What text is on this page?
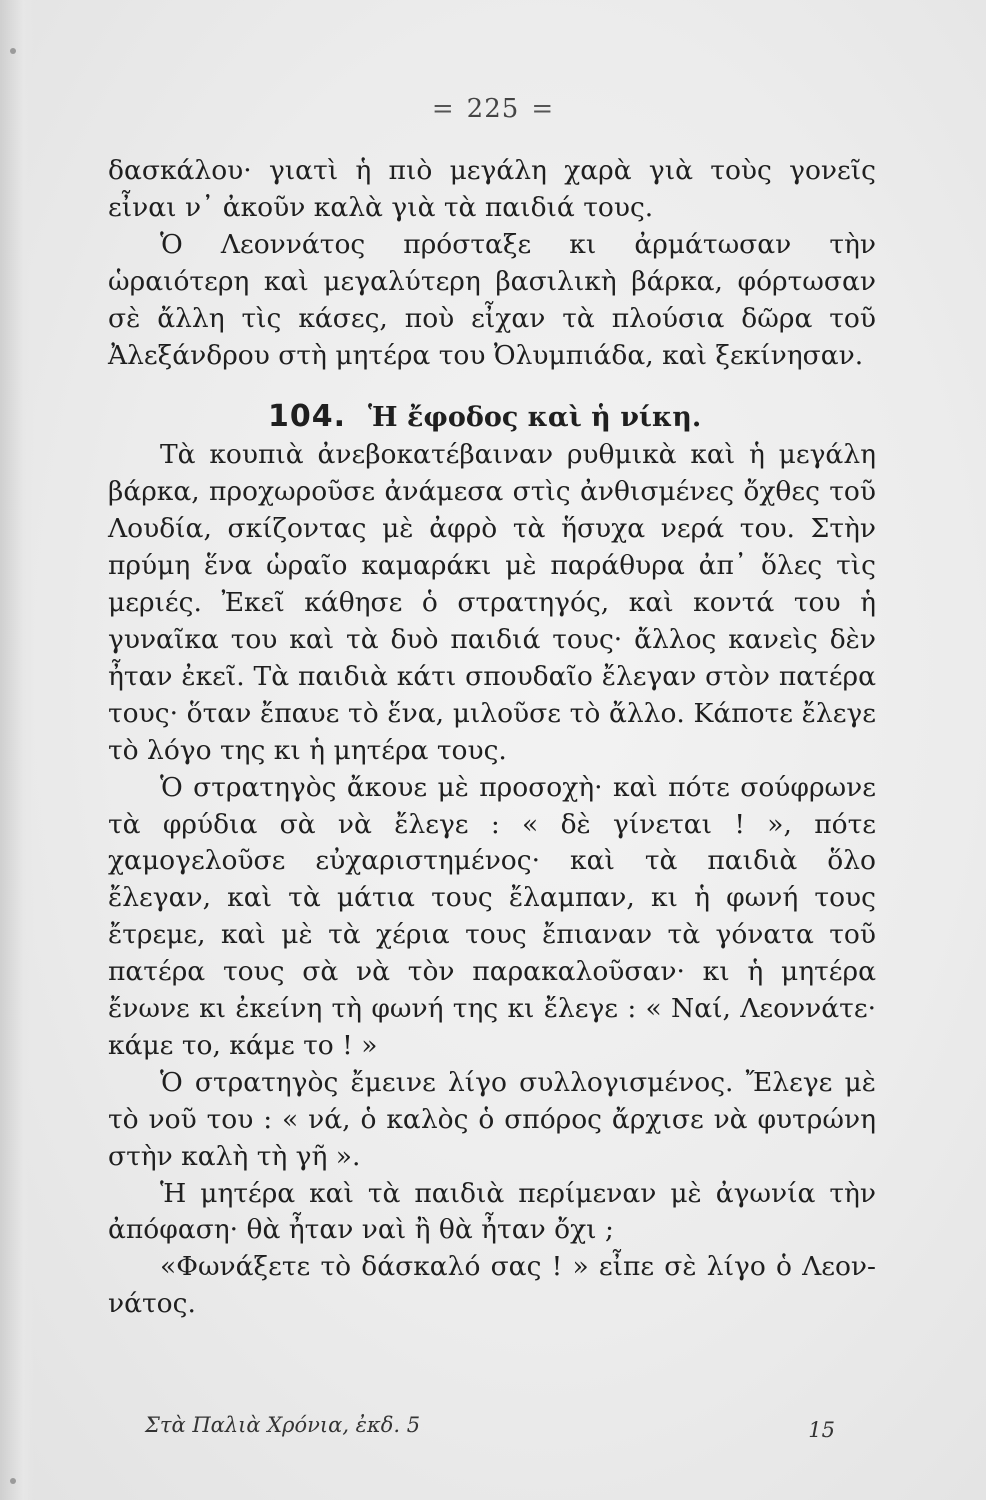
= 225 =

δασκάλου· γιατὶ ἡ πιὸ μεγάλη χαρὰ γιὰ τοὺς γονεῖς εἶναι ν᾿ ἀκοῦν καλὰ γιὰ τὰ παιδιά τους.

Ὁ Λεοννάτος πρόσταξε κι ἀρμάτωσαν τὴν ὡραιότερη καὶ μεγαλύτερη βασιλικὴ βάρκα, φόρτωσαν σὲ ἄλλη τὶς κάσες, ποὺ εἶχαν τὰ πλούσια δῶρα τοῦ Ἀλεξάνδρου στὴ μητέρα του Ὀλυμπιάδα, καὶ ξεκίνησαν.

104. Ἡ ἔφοδος καὶ ἡ νίκη.

Τὰ κουπιὰ ἀνεβοκατέβαιναν ρυθμικὰ καὶ ἡ μεγάλη βάρκα, προχωροῦσε ἀνάμεσα στὶς ἀνθισμένες ὄχθες τοῦ Λουδία, σκίζοντας μὲ ἀφρὸ τὰ ἥσυχα νερά του. Στὴν πρύμη ἕνα ὡραῖο καμαράκι μὲ παράθυρα ἀπ᾿ ὅλες τὶς μεριές. Ἐκεῖ κάθησε ὁ στρατηγός, καὶ κοντά του ἡ γυναῖκα του καὶ τὰ δυὸ παιδιά τους· ἄλλος κανεὶς δὲν ἦταν ἐκεῖ. Τὰ παιδιὰ κάτι σπουδαῖο ἔλεγαν στὸν πατέρα τους· ὅταν ἔπαυε τὸ ἕνα, μιλοῦσε τὸ ἄλλο. Κάποτε ἔλεγε τὸ λόγο της κι ἡ μητέρα τους.

Ὁ στρατηγὸς ἄκουε μὲ προσοχὴ· καὶ πότε σούφρωνε τὰ φρύδια σὰ νὰ ἔλεγε : « δὲ γίνεται ! », πότε χαμογελοῦσε εὐχαριστημένος· καὶ τὰ παιδιὰ ὅλο ἔλεγαν, καὶ τὰ μάτια τους ἔλαμπαν, κι ἡ φωνή τους ἔτρεμε, καὶ μὲ τὰ χέρια τους ἔπιαναν τὰ γόνατα τοῦ πατέρα τους σὰ νὰ τὸν παρακαλοῦσαν· κι ἡ μητέρα ἔνωνε κι ἐκείνη τὴ φωνή της κι ἔλεγε : « Ναί, Λεοννάτε· κάμε το, κάμε το ! »

Ὁ στρατηγὸς ἔμεινε λίγο συλλογισμένος. Ἔλεγε μὲ τὸ νοῦ του : « νά, ὁ καλὸς ὁ σπόρος ἄρχισε νὰ φυτρώνη στὴν καλὴ τὴ γῆ ».

Ἡ μητέρα καὶ τὰ παιδιὰ περίμεναν μὲ ἀγωνία τὴν ἀπόφαση· θὰ ἦταν ναὶ ἢ θὰ ἦταν ὄχι ;

«Φωνάξετε τὸ δάσκαλό σας ! » εἶπε σὲ λίγο ὁ Λεοννάτος.

Στὰ Παλιὰ Χρόνια, ἐκδ. 5	15
